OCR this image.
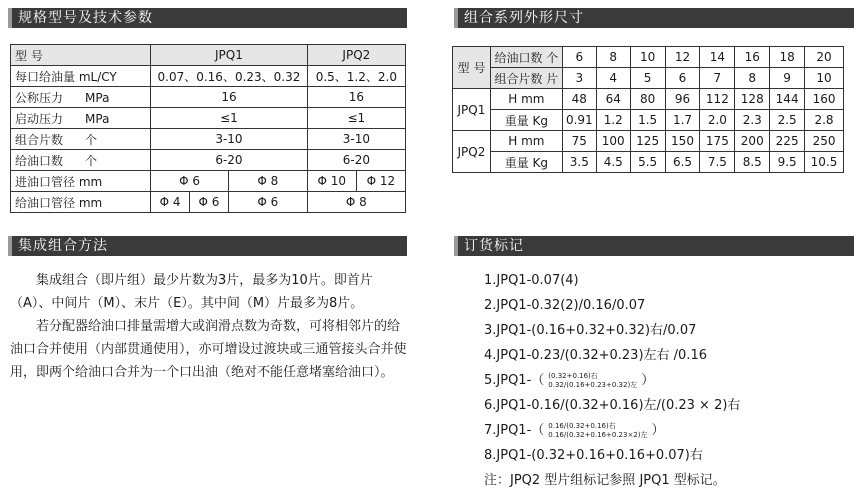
规格型号及技术参数	组合系列外形尺寸
集成组合方法	订货标记
型 号	JPQ1			JPQ2	
每口给油量 mL/CY	0.07、0.16、0.23、0.32			0.5、1.2、2.0	
公称压力 MPa	16			16	
启动压力 MPa	≤1			≤1	
组合片数 个	3-10			3-10	
给油口数 个	6-20			6-20	
进油口管径 mm	Φ 6		Φ 8	Φ 10	Φ 12
给油口管径 mm	Φ 4	Φ 6	Φ 6	Φ 8	
型 号	给油口数 个	6	8	10	12	14	16	18	20
	组合片数 片	3	4	5	6	7	8	9	10
JPQ1	H mm	48	64	80	96	112	128	144	160
	重量 Kg	0.91	1.2	1.5	1.7	2.0	2.3	2.5	2.8
JPQ2	H mm	75	100	125	150	175	200	225	250
	重量 Kg	3.5	4.5	5.5	6.5	7.5	8.5	9.5	10.5

集成组合（即片组）最少片数为3片，最多为10片。即首片（A）、中间片（M）、末片（E）。其中间（M）片最多为8片。

若分配器给油口排量需增大或润滑点数为奇数，可将相邻片的给油口合并使用（内部贯通使用），亦可增设过渡块或三通管接头合并使用，即两个给油口合并为一个口出油（绝对不能任意堵塞给油口）。

1.JPQ1-0.07(4)
2.JPQ1-0.32(2)/0.16/0.07
3.JPQ1-(0.16+0.32+0.32)右/0.07
4.JPQ1-0.23/(0.32+0.23)左右 /0.16
5.JPQ1-（ (0.32+0.16)右
0.32/(0.16+0.23+0.32)左 ）
6.JPQ1-0.16/(0.32+0.16)左/(0.23 × 2)右
7.JPQ1-（ 0.16/(0.32+0.16)右
0.16/(0.32+0.16+0.23×2)左 ）
8.JPQ1-(0.32+0.16+0.16+0.07)右
注：JPQ2 型片组标记参照 JPQ1 型标记。
